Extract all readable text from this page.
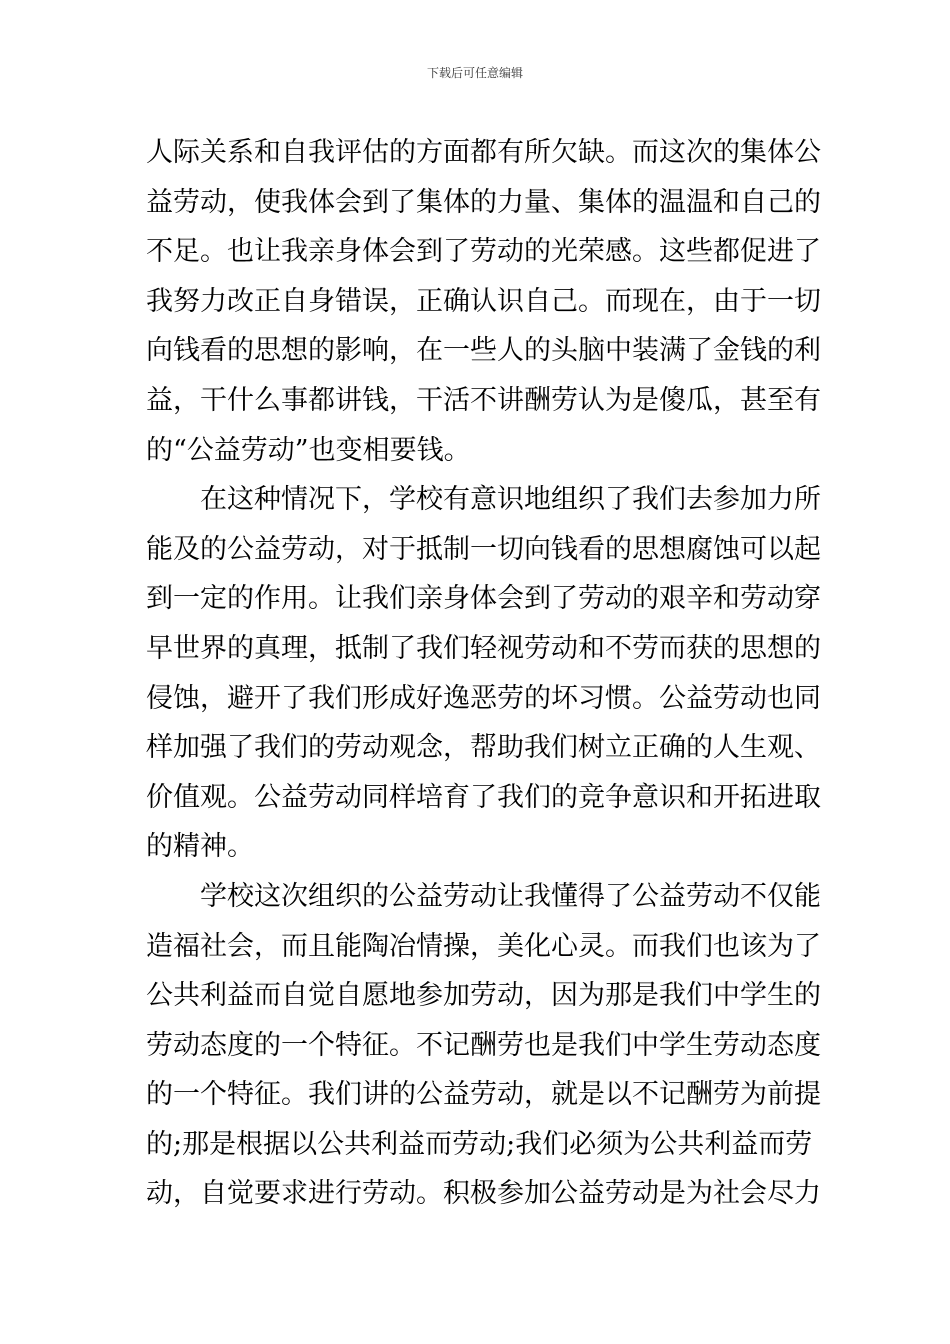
下载后可任意编辑
人际关系和自我评估的方面都有所欠缺。而这次的集体公
益劳动，使我体会到了集体的力量、集体的温温和自己的
不足。也让我亲身体会到了劳动的光荣感。这些都促进了
我努力改正自身错误，正确认识自己。而现在，由于一切
向钱看的思想的影响，在一些人的头脑中装满了金钱的利
益，干什么事都讲钱，干活不讲酬劳认为是傻瓜，甚至有
的“公益劳动”也变相要钱。
在这种情况下，学校有意识地组织了我们去参加力所
能及的公益劳动，对于抵制一切向钱看的思想腐蚀可以起
到一定的作用。让我们亲身体会到了劳动的艰辛和劳动穿
早世界的真理，抵制了我们轻视劳动和不劳而获的思想的
侵蚀，避开了我们形成好逸恶劳的坏习惯。公益劳动也同
样加强了我们的劳动观念，帮助我们树立正确的人生观、
价值观。公益劳动同样培育了我们的竞争意识和开拓进取
的精神。
学校这次组织的公益劳动让我懂得了公益劳动不仅能
造福社会，而且能陶冶情操，美化心灵。而我们也该为了
公共利益而自觉自愿地参加劳动，因为那是我们中学生的
劳动态度的一个特征。不记酬劳也是我们中学生劳动态度
的一个特征。我们讲的公益劳动，就是以不记酬劳为前提
的;那是根据以公共利益而劳动;我们必须为公共利益而劳
动，自觉要求进行劳动。积极参加公益劳动是为社会尽力
